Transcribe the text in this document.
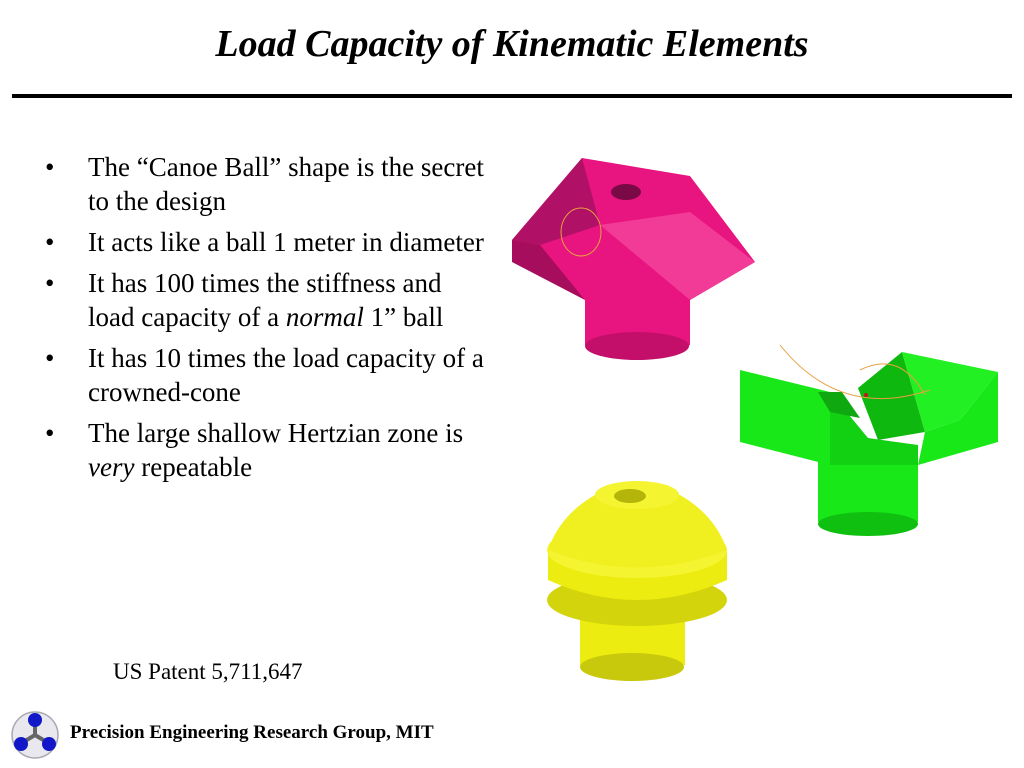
Load Capacity of Kinematic Elements
• The “Canoe Ball” shape is the secret to the design
• It acts like a ball 1 meter in diameter
• It has 100 times the stiffness and load capacity of a normal 1” ball
• It has 10 times the load capacity of a crowned-cone
• The large shallow Hertzian zone is very repeatable
US Patent 5,711,647
Precision Engineering Research Group, MIT
